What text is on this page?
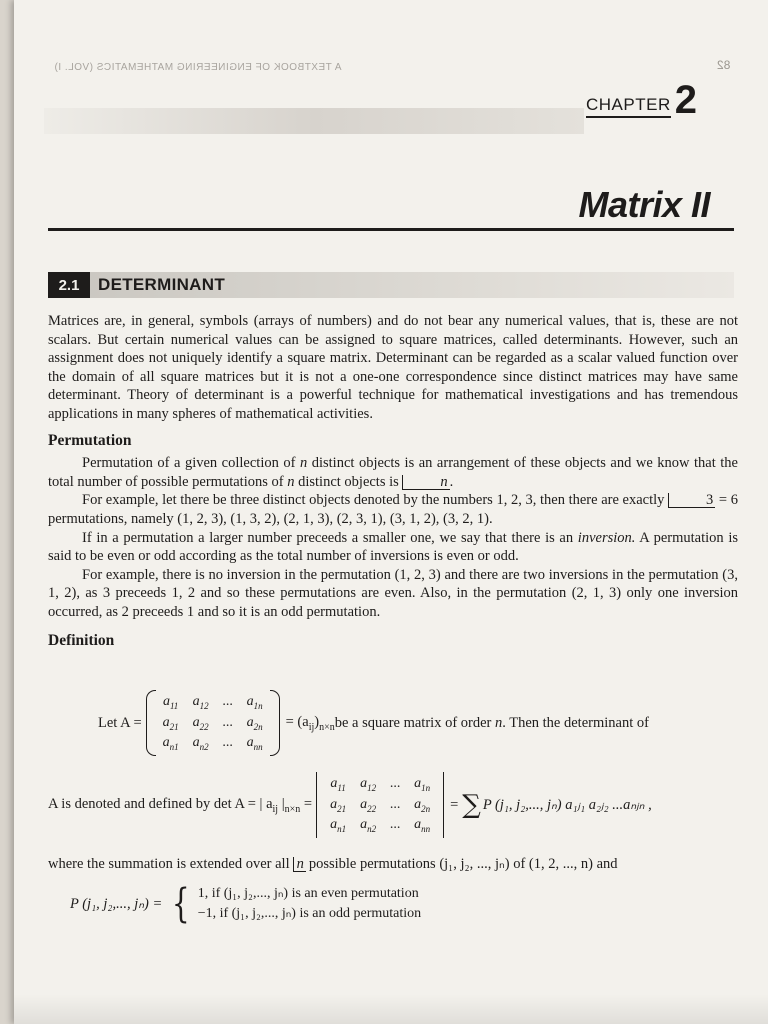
A TEXTBOOK OF ENGINEERING MATHEMATICS (VOL. I)	82
CHAPTER 2
Matrix II
2.1	DETERMINANT

Matrices are, in general, symbols (arrays of numbers) and do not bear any numerical values, that is, these are not scalars. But certain numerical values can be assigned to square matrices, called determinants. However, such an assignment does not uniquely identify a square matrix. Determinant can be regarded as a scalar valued function over the domain of all square matrices but it is not a one-one correspondence since distinct matrices may have same determinant. Theory of determinant is a powerful technique for mathematical investigations and has tremendous applications in many spheres of mathematical activities.

Permutation

Permutation of a given collection of n distinct objects is an arrangement of these objects and we know that the total number of possible permutations of n distinct objects is	n .

For example, let there be three distinct objects denoted by the numbers 1, 2, 3, then there are exactly	3 = 6 permutations, namely (1, 2, 3), (1, 3, 2), (2, 1, 3), (2, 3, 1), (3, 1, 2), (3, 2, 1).

If in a permutation a larger number preceeds a smaller one, we say that there is an inversion. A permutation is said to be even or odd according as the total number of inversions is even or odd.

For example, there is no inversion in the permutation (1, 2, 3) and there are two inversions in the permutation (3, 1, 2), as 3 preceeds 1, 2 and so these permutations are even. Also, in the permutation (2, 1, 3) only one inversion occurred, as 2 preceeds 1 and so it is an odd permutation.

Definition
Let A =
$a_{11}$	$a_{12}$ ... $a_{1n}$
$a_{21}$	$a_{22}$ ... $a_{2n}$
$a_{n1}$	$a_{n2}$ ... $a_{nn}$
= $(a_{ij})_{n\times n}$ be a square matrix of order n. Then the determinant of
A is denoted and defined by det A = | $a_{ij}$ $|_{n\times n}$ =
$a_{11}$	$a_{12}$ ... $a_{1n}$
$a_{21}$	$a_{22}$ ... $a_{2n}$
$a_{n1}$	$a_{n2}$ ... $a_{nn}$
= ∑ P (j₁, j₂,..., jₙ) a₁ⱼ₁ a₂ⱼ₂ ...aₙⱼₙ ,
where the summation is extended over all n possible permutations (j₁, j₂, ..., jₙ) of (1, 2, ..., n) and
P (j₁, j₂,..., jₙ) = { 1, if (j₁, j₂,..., jₙ) is an even permutation
−1, if (j₁, j₂,..., jₙ) is an odd permutation
